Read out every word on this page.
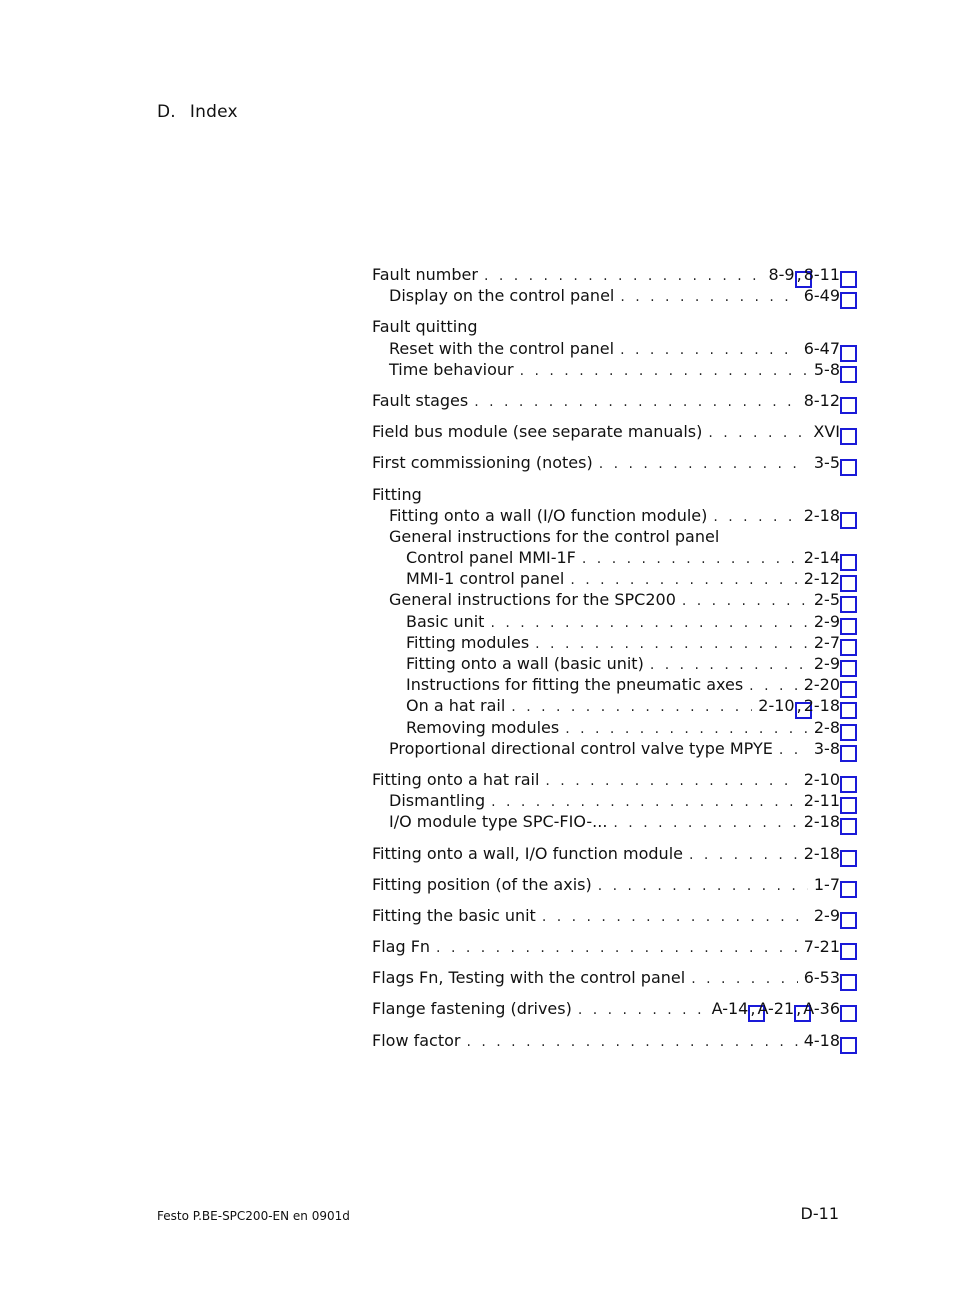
D. Index
Fault number . . .	8-9 , 8-11
Display on the control panel . . .	6-49
Fault quitting
Reset with the control panel . . .	6-47
Time behaviour . . .	5-8
Fault stages . . .	8-12
Field bus module (see separate manuals) . . .	XVI
First commissioning (notes) . . .	3-5
Fitting
Fitting onto a wall (I/O function module) . . .	2-18
General instructions for the control panel
Control panel MMI-1F . . .	2-14
MMI-1 control panel . . .	2-12
General instructions for the SPC200 . . .	2-5
Basic unit . . .	2-9
Fitting modules . . .	2-7
Fitting onto a wall (basic unit) . . .	2-9
Instructions for fitting the pneumatic axes . . .	2-20
On a hat rail . . .	2-10 , 2-18
Removing modules . . .	2-8
Proportional directional control valve type MPYE . . .	3-8
Fitting onto a hat rail . . .	2-10
Dismantling . . .	2-11
I/O module type SPC-FIO-... . . .	2-18
Fitting onto a wall, I/O function module . . .	2-18
Fitting position (of the axis) . . .	1-7
Fitting the basic unit . . .	2-9
Flag Fn . . .	7-21
Flags Fn, Testing with the control panel . . .	6-53
Flange fastening (drives) . . .	A-14 , A-21 , A-36
Flow factor . . .	4-18
Festo P.BE-SPC200-EN en 0901d	D-11
